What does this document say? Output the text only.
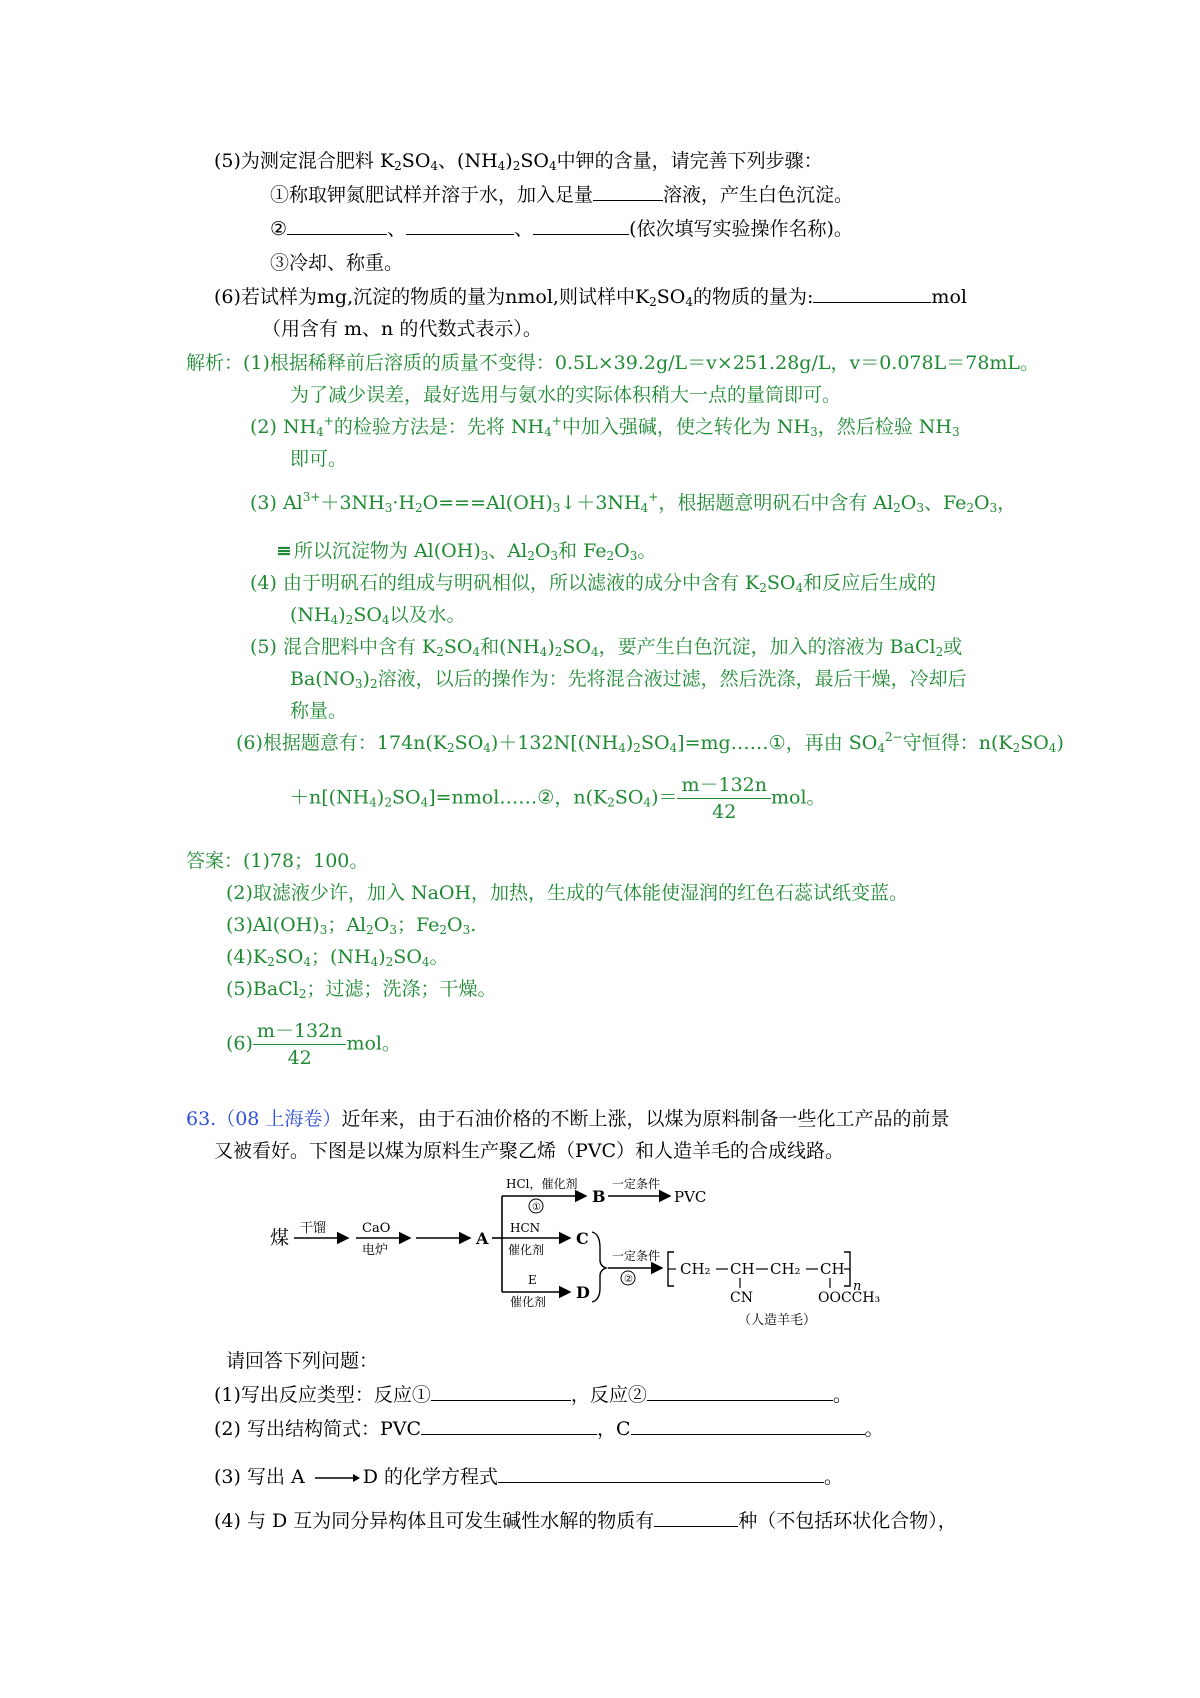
(5)为测定混合肥料 $K_2SO_4$、$(NH_4)_2SO_4$中钾的含量，请完善下列步骤：
①称取钾氮肥试样并溶于水，加入足量	溶液，产生白色沉淀。
②	、	、	(依次填写实验操作名称)。
③冷却、称重。
(6)若试样为mg,沉淀的物质的量为nmol,则试样中$K_2SO_4$的物质的量为:	mol
（用含有 m、n 的代数式表示）。
解析：(1)根据稀释前后溶质的质量不变得：0.5L×39.2g/L＝v×251.28g/L，v＝0.078L＝78mL。
为了减少误差，最好选用与氨水的实际体积稍大一点的量筒即可。
(2) $NH_4^+$的检验方法是：先将 $NH_4^+$中加入强碱，使之转化为 $NH_3$，然后检验 $NH_3$
即可。
(3) $Al^{3+}+3NH_3\cdot H_2O===Al(OH)_3↓+3NH_4^+$，根据题意明矾石中含有 $Al_2O_3$、$Fe_2O_3$，
≡ 所以沉淀物为 $Al(OH)_3$、$Al_2O_3$和 $Fe_2O_3$。
(4) 由于明矾石的组成与明矾相似，所以滤液的成分中含有 $K_2SO_4$和反应后生成的
$(NH_4)_2SO_4$以及水。
(5) 混合肥料中含有 $K_2SO_4$和$(NH_4)_2SO_4$，要产生白色沉淀，加入的溶液为 BaCl$_2$或
$Ba(NO_3)_2$溶液，以后的操作为：先将混合液过滤，然后洗涤，最后干燥，冷却后
称量。
(6)根据题意有：$174n(K_2SO_4)+132N[(NH_4)_2SO_4]=mg\dots\dots ①$，再由 $SO_4^{2-}$守恒得：$n(K_2SO_4)$
$+n[(NH_4)_2SO_4]=nmol\dots\dots ②$，$n(K_2SO_4)= \frac{m-132n}{42}$ mol。
答案：(1)78；100。
(2)取滤液少许，加入 NaOH，加热，生成的气体能使湿润的红色石蕊试纸变蓝。
$(3)Al(OH)_3$；$Al_2O_3$；$Fe_2O_3$.
$(4)K_2SO_4$；$(NH_4)_2SO_4$。
(5)BaCl$_2$；过滤；洗涤；干燥。
$(6) \frac{m-132n}{42}$ mol。
63.（08 上海卷）近年来，由于石油价格的不断上涨，以煤为原料制备一些化工产品的前景
又被看好。下图是以煤为原料生产聚乙烯（PVC）和人造羊毛的合成线路。
煤 干馏	CaO
电炉
A
HCl，催化剂
①
B
一定条件
PVC
HCN
催化剂
C
E
催化剂 D
一定条件
②
CH₂ CH CH₂ CH
n
CN	OOCCH₃
（人造羊毛）
请回答下列问题：
(1)写出反应类型：反应①	，反应②	。
(2) 写出结构简式：PVC	，C	。
(3) 写出 A	D 的化学方程式	。
(4) 与 D 互为同分异构体且可发生碱性水解的物质有	种（不包括环状化合物），
